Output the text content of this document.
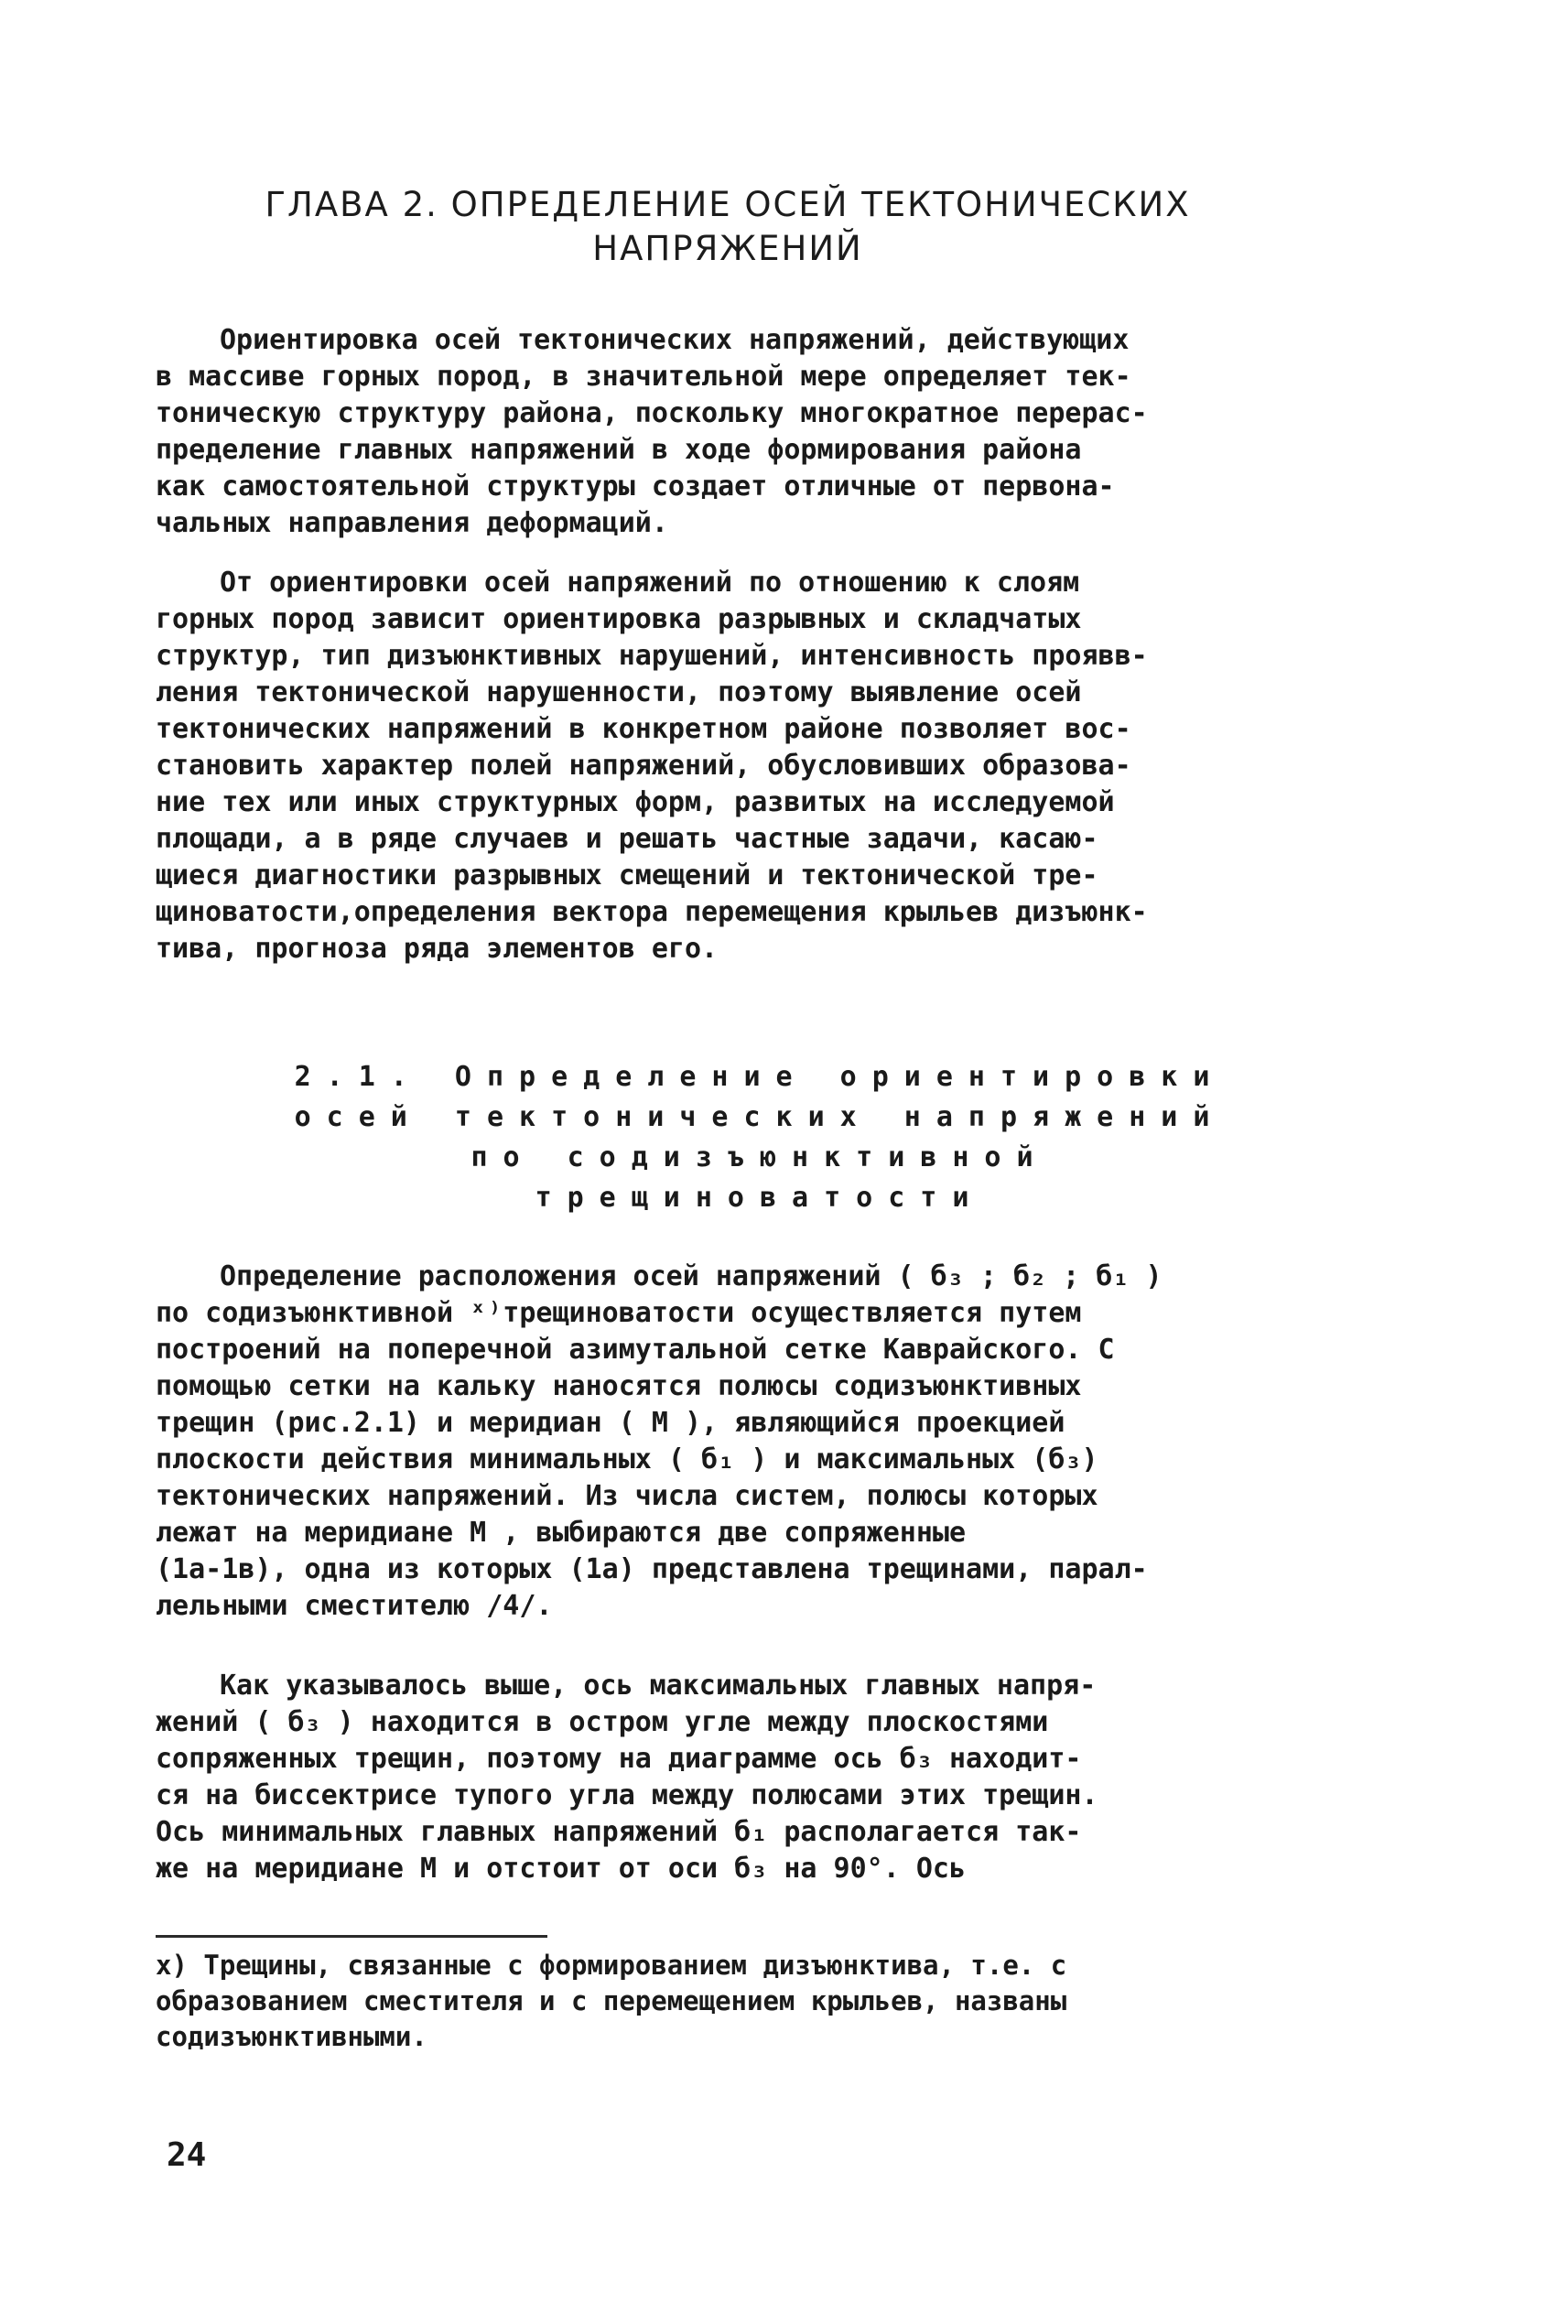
ГЛАВА 2. ОПРЕДЕЛЕНИЕ ОСЕЙ ТЕКТОНИЧЕСКИХ
НАПРЯЖЕНИЙ
Ориентировка осей тектонических напряжений, действующих
в массиве горных пород, в значительной мере определяет тек-
тоническую структуру района, поскольку многократное перерас-
пределение главных напряжений в ходе формирования района
как самостоятельной структуры создает отличные от первона-
чальных направления деформаций.
От ориентировки осей напряжений по отношению к слоям
горных пород зависит ориентировка разрывных и складчатых
структур, тип дизъюнктивных нарушений, интенсивность проявв-
ления тектонической нарушенности, поэтому выявление осей
тектонических напряжений в конкретном районе позволяет вос-
становить характер полей напряжений, обусловивших образова-
ние тех или иных структурных форм, развитых на исследуемой
площади, а в ряде случаев и решать частные задачи, касаю-
щиеся диагностики разрывных смещений и тектонической тре-
щиноватости,определения вектора перемещения крыльев дизъюнк-
тива, прогноза ряда элементов его.
2.1. Определение ориентировки
осей тектонических напряжений
по содизъюнктивной
трещиноватости
Определение расположения осей напряжений ( б₃ ; б₂ ; б₁ )
по содизъюнктивной ˣ⁾трещиноватости осуществляется путем
построений на поперечной азимутальной сетке Каврайского. С
помощью сетки на кальку наносятся полюсы содизъюнктивных
трещин (рис.2.1) и меридиан ( М ), являющийся проекцией
плоскости действия минимальных ( б₁ ) и максимальных (б₃)
тектонических напряжений. Из числа систем, полюсы которых
лежат на меридиане М , выбираются две сопряженные
(1а-1в), одна из которых (1а) представлена трещинами, парал-
лельными сместителю /4/.
Как указывалось выше, ось максимальных главных напря-
жений ( б₃ ) находится в остром угле между плоскостями
сопряженных трещин, поэтому на диаграмме ось б₃ находит-
ся на биссектрисе тупого угла между полюсами этих трещин.
Ось минимальных главных напряжений б₁ располагается так-
же на меридиане М и отстоит от оси б₃ на 90°. Ось
х) Трещины, связанные с формированием дизъюнктива, т.е. с
образованием сместителя и с перемещением крыльев, названы
содизъюнктивными.
24
